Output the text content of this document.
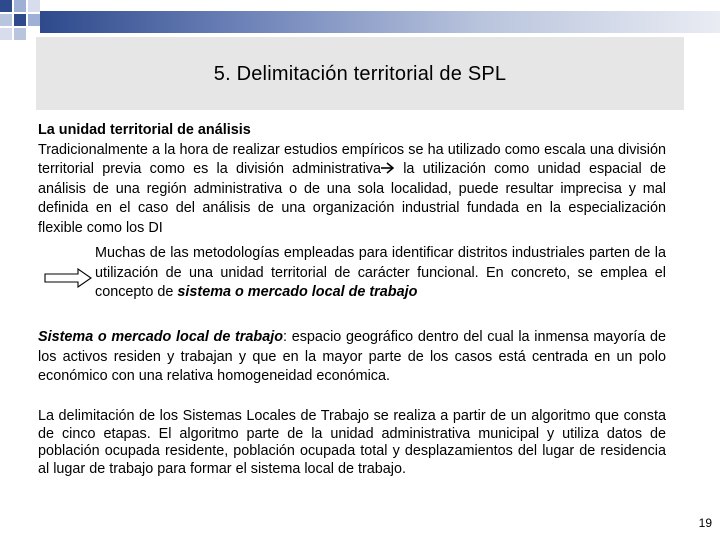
5. Delimitación territorial de SPL
La unidad territorial de análisis
Tradicionalmente a la hora de realizar estudios empíricos se ha utilizado como escala una división territorial previa como es la división administrativa la utilización como unidad espacial de análisis de una región administrativa o de una sola localidad, puede resultar imprecisa y mal definida en el caso del análisis de una organización industrial fundada en la especialización flexible como los DI
Muchas de las metodologías empleadas para identificar distritos industriales parten de la utilización de una unidad territorial de carácter funcional. En concreto, se emplea el concepto de sistema o mercado local de trabajo
Sistema o mercado local de trabajo: espacio geográfico dentro del cual la inmensa mayoría de los activos residen y trabajan y que en la mayor parte de los casos está centrada en un polo económico con una relativa homogeneidad económica.
La delimitación de los Sistemas Locales de Trabajo se realiza a partir de un algoritmo que consta de cinco etapas. El algoritmo parte de la unidad administrativa municipal y utiliza datos de población ocupada residente, población ocupada total y desplazamientos del lugar de residencia al lugar de trabajo para formar el sistema local de trabajo.
19
